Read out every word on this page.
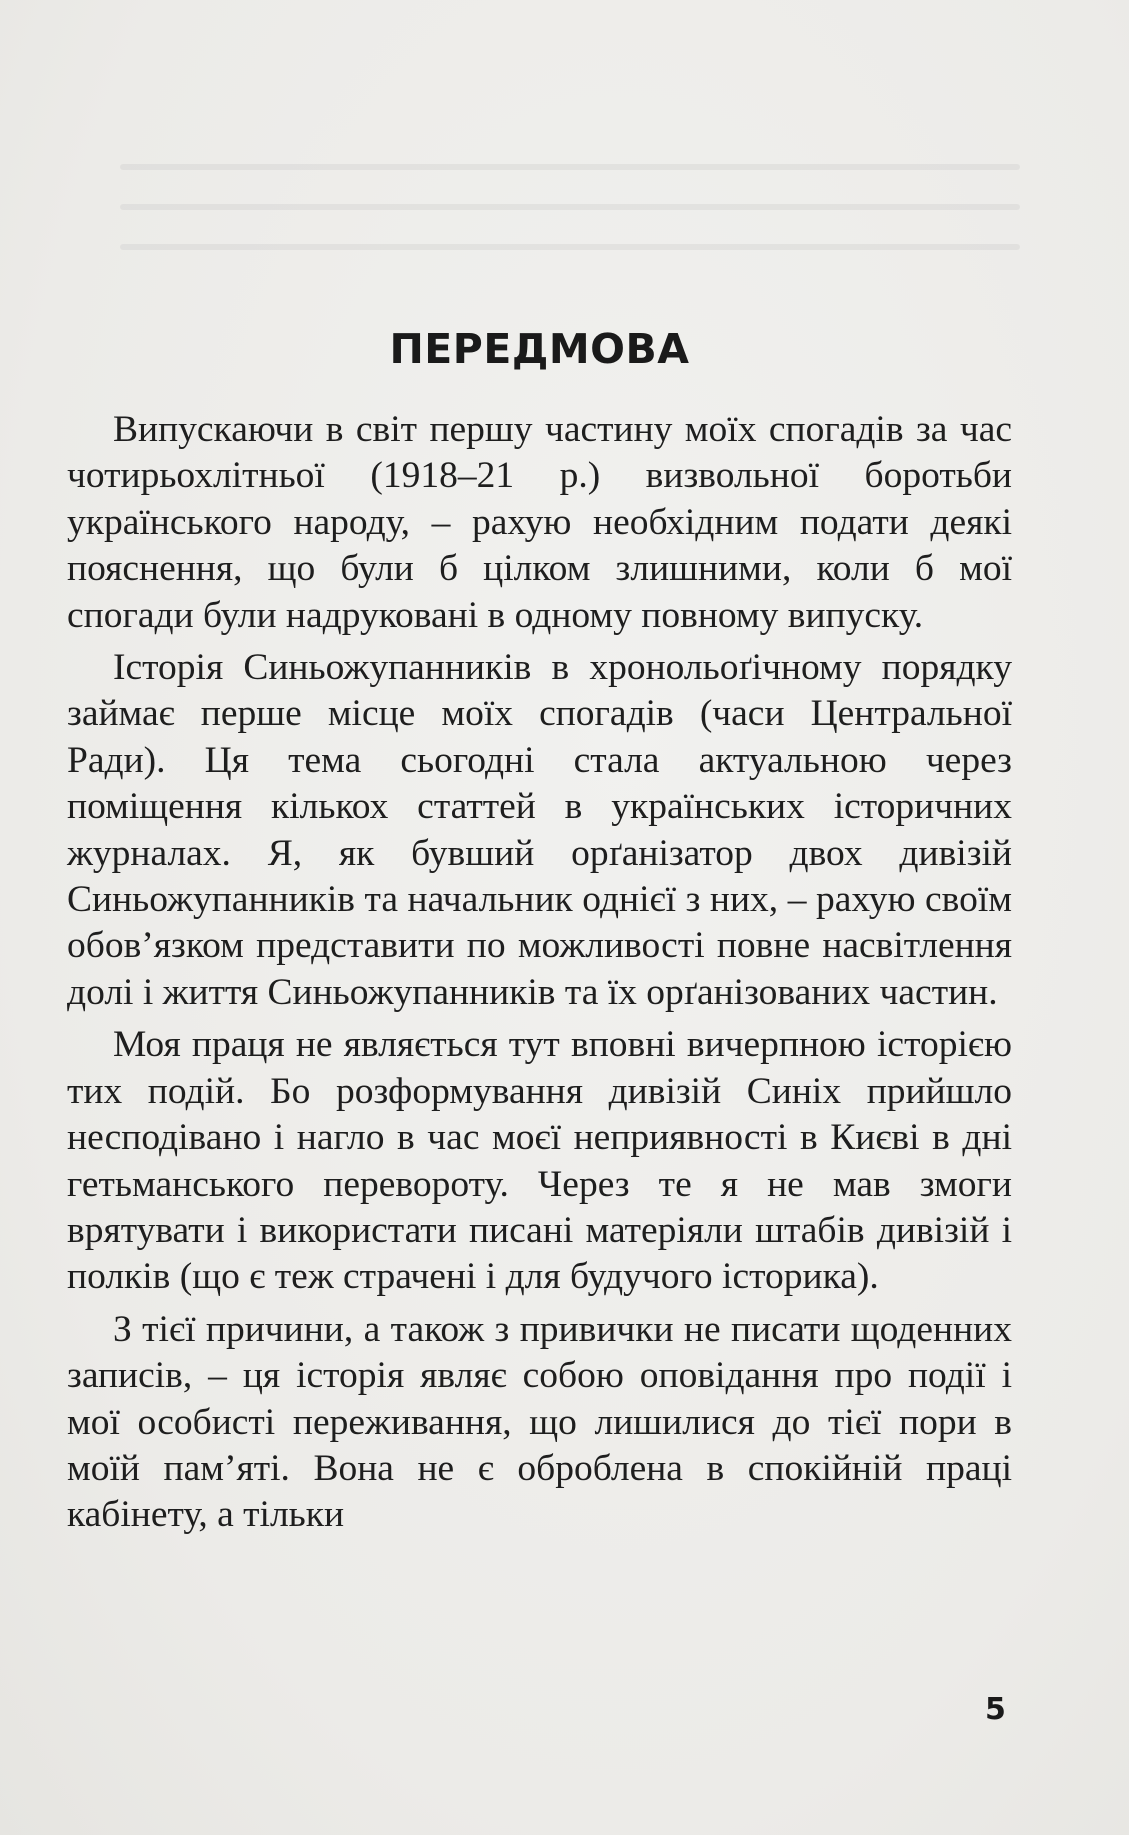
ПЕРЕДМОВА

Випускаючи в світ першу частину моїх спогадів за час чотирьохлітньої (1918–21 р.) визвольної боротьби українського народу, – рахую необхідним подати деякі пояснення, що були б цілком злишними, коли б мої спогади були надруковані в одному повному випуску.

Історія Синьожупанників в хронольоґічному порядку займає перше місце моїх спогадів (часи Центральної Ради). Ця тема сьогодні стала актуальною через поміщення кількох статтей в українських історичних журналах. Я, як бувший орґанізатор двох дивізій Синьожупанників та начальник однієї з них, – рахую своїм обов’язком представити по можливості повне насвітлення долі і життя Синьожупанників та їх орґанізованих частин.

Моя праця не являється тут вповні вичерпною історією тих подій. Бо розформування дивізій Синіх прийшло несподівано і нагло в час моєї неприявності в Києві в дні гетьманського перевороту. Через те я не мав змоги врятувати і використати писані матеріяли штабів дивізій і полків (що є теж страчені і для будучого історика).

З тієї причини, а також з привички не писати щоденних записів, – ця історія являє собою оповідання про події і мої особисті переживання, що лишилися до тієї пори в моїй пам’яті. Вона не є оброблена в спокійній праці кабінету, а тільки

5
